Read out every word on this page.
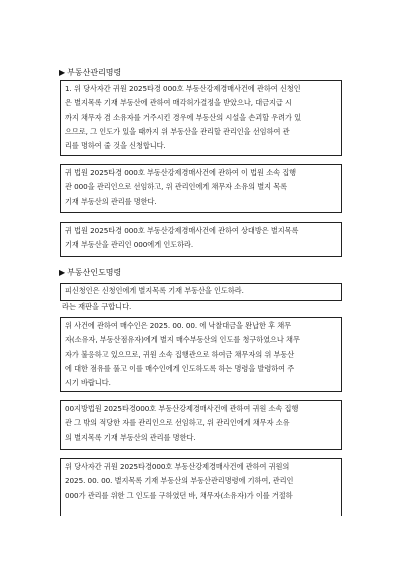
▶ 부동산관리명령
1. 위 당사자간 귀원 2025타경 000호 부동산강제경매사건에 관하여 신청인
은 별지목록 기재 부동산에 관하여 매각허가결정을 받았으나, 대금지급 시
까지 채무자 겸 소유자를 거주시킨 경우에 부동산의 시설을 손괴할 우려가 있
으므로, 그 인도가 있을 때까지 위 부동산을 관리할 관리인을 선임하여 관
리를 명하여 줄 것을 신청합니다.
귀 법원 2025타경 000호 부동산강제경매사건에 관하여 이 법원 소속 집행
관 000을 관리인으로 선임하고, 위 관리인에게 채무자 소유의 별지 목록
기재 부동산의 관리를 명한다.
귀 법원 2025타경 000호 부동산강제경매사건에 관하여 상대방은 별지목록
기재 부동산을 관리인 000에게 인도하라.
▶ 부동산인도명령
피신청인은 신청인에게 별지목록 기재 부동산을 인도하라.
라는 재판을 구합니다.
위 사건에 관하여 매수인은 2025. 00. 00. 에 낙찰대금을 완납한 후 채무
자(소유자, 부동산점유자)에게 별지 매수부동산의 인도를 청구하였으나 채무
자가 불응하고 있으므로, 귀원 소속 집행관으로 하여금 채무자의 위 부동산
에 대한 점유를 풀고 이를 매수인에게 인도하도록 하는 명령을 발령하여 주
시기 바랍니다.
00지방법원 2025타경000호 부동산강제경매사건에 관하여 귀원 소속 집행
관 그 밖의 적당한 자를 관리인으로 선임하고, 위 관리인에게 채무자 소유
의 별지목록 기재 부동산의 관리를 명한다.
위 당사자간 귀원 2025타경000호 부동산강제경매사건에 관하여 귀원의
2025. 00. 00. 별지목록 기재 부동산의 부동산관리명령에 기하여, 관리인
000가 관리를 위한 그 인도를 구하였던 바, 채무자(소유자)가 이를 거절하
